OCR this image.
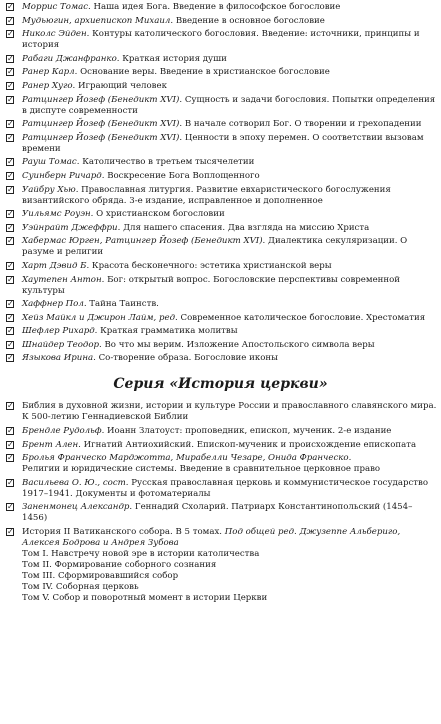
✓ Моррис Томас. Наша идея Бога. Введение в философское богословие
✓ Мудьюгин, архиепископ Михаил. Введение в основное богословие
✓ Николс Эйден. Контуры католического богословия. Введение: источники, принципы и история
✓ Рабаги Джанфранко. Краткая история души
✓ Ранер Карл. Основание веры. Введение в христианское богословие
✓ Ранер Хуго. Играющий человек
✓ Ратцингер Йозеф (Бенедикт XVI). Сущность и задачи богословия. Попытки определения
в диспуте современности
✓ Ратцингер Йозеф (Бенедикт XVI). В начале сотворил Бог. О творении и грехопадении
✓ Ратцингер Йозеф (Бенедикт XVI). Ценности в эпоху перемен. О соответствии вызовам времени
✓ Рауш Томас. Католичество в третьем тысячелетии
✓ Суинберн Ричард. Воскресение Бога Воплощенного
✓ Уайбру Хью. Православная литургия. Развитие евхаристического богослужения византийского обряда. 3-е издание, исправленное и дополненное
✓ Уильямс Роуэн. О христианском богословии
✓ Уэйнрайт Джеффри. Для нашего спасения. Два взгляда на миссию Христа
✓ Хабермас Юрген, Ратцингер Йозеф (Бенедикт XVI). Диалектика секуляризации. О разуме и религии
✓ Харт Дэвид Б. Красота бесконечного: эстетика христианской веры
✓ Хаутепен Антон. Бог: открытый вопрос. Богословские перспективы современной культуры
✓ Хаффнер Пол. Тайна Таинств.
✓ Хейз Майкл и Джирон Лайм, ред. Современное католическое богословие. Хрестоматия
✓ Шефлер Рихард. Краткая грамматика молитвы
✓ Шнайдер Теодор. Во что мы верим. Изложение Апостольского символа веры
✓ Языкова Ирина. Со-творение образа. Богословие иконы
Серия «История церкви»
✓ Библия в духовной жизни, истории и культуре России и православного славянского мира. К 500-летию Геннадиевской Библии
✓ Брендле Рудольф. Иоанн Златоуст: проповедник, епископ, мученик. 2-е издание
✓ Брент Ален. Игнатий Антиохийский. Епископ-мученик и происхождение епископата
✓ Бролья Франческо Марджотта, Мирабелли Чезаре, Онида Франческо.
Религии и юридические системы. Введение в сравнительное церковное право
✓ Васильева О. Ю., сост. Русская православная церковь и коммунистическое государство
1917–1941. Документы и фотоматериалы
✓ Заненмонец Александр. Геннадий Схоларий. Патриарх Константинопольский (1454–1456)
✓ История II Ватиканского собора. В 5 томах. Под общей ред. Джузеппе Альбериго, Алексея Бодрова и Андрея Зубова
Том I. Навстречу новой эре в истории католичества
Том II. Формирование соборного сознания
Том III. Сформировавшийся собор
Том IV. Соборная церковь
Том V. Собор и поворотный момент в истории Церкви
